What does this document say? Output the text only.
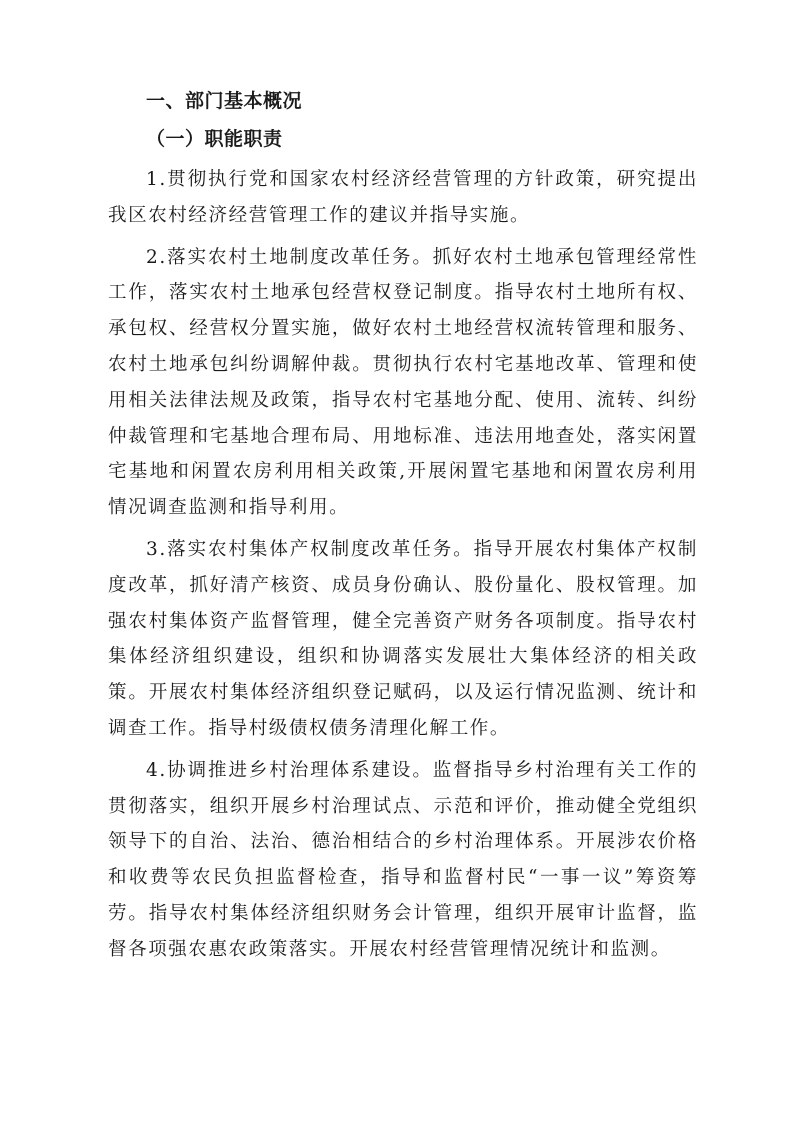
一、部门基本概况
（一）职能职责

1.贯彻执行党和国家农村经济经营管理的方针政策，研究提出我区农村经济经营管理工作的建议并指导实施。

2.落实农村土地制度改革任务。抓好农村土地承包管理经常性工作，落实农村土地承包经营权登记制度。指导农村土地所有权、承包权、经营权分置实施，做好农村土地经营权流转管理和服务、农村土地承包纠纷调解仲裁。贯彻执行农村宅基地改革、管理和使用相关法律法规及政策，指导农村宅基地分配、使用、流转、纠纷仲裁管理和宅基地合理布局、用地标准、违法用地查处，落实闲置宅基地和闲置农房利用相关政策,开展闲置宅基地和闲置农房利用情况调查监测和指导利用。

3.落实农村集体产权制度改革任务。指导开展农村集体产权制度改革，抓好清产核资、成员身份确认、股份量化、股权管理。加强农村集体资产监督管理，健全完善资产财务各项制度。指导农村集体经济组织建设，组织和协调落实发展壮大集体经济的相关政策。开展农村集体经济组织登记赋码，以及运行情况监测、统计和调查工作。指导村级债权债务清理化解工作。

4.协调推进乡村治理体系建设。监督指导乡村治理有关工作的贯彻落实，组织开展乡村治理试点、示范和评价，推动健全党组织领导下的自治、法治、德治相结合的乡村治理体系。开展涉农价格和收费等农民负担监督检查，指导和监督村民“一事一议”筹资筹劳。指导农村集体经济组织财务会计管理，组织开展审计监督，监督各项强农惠农政策落实。开展农村经营管理情况统计和监测。
